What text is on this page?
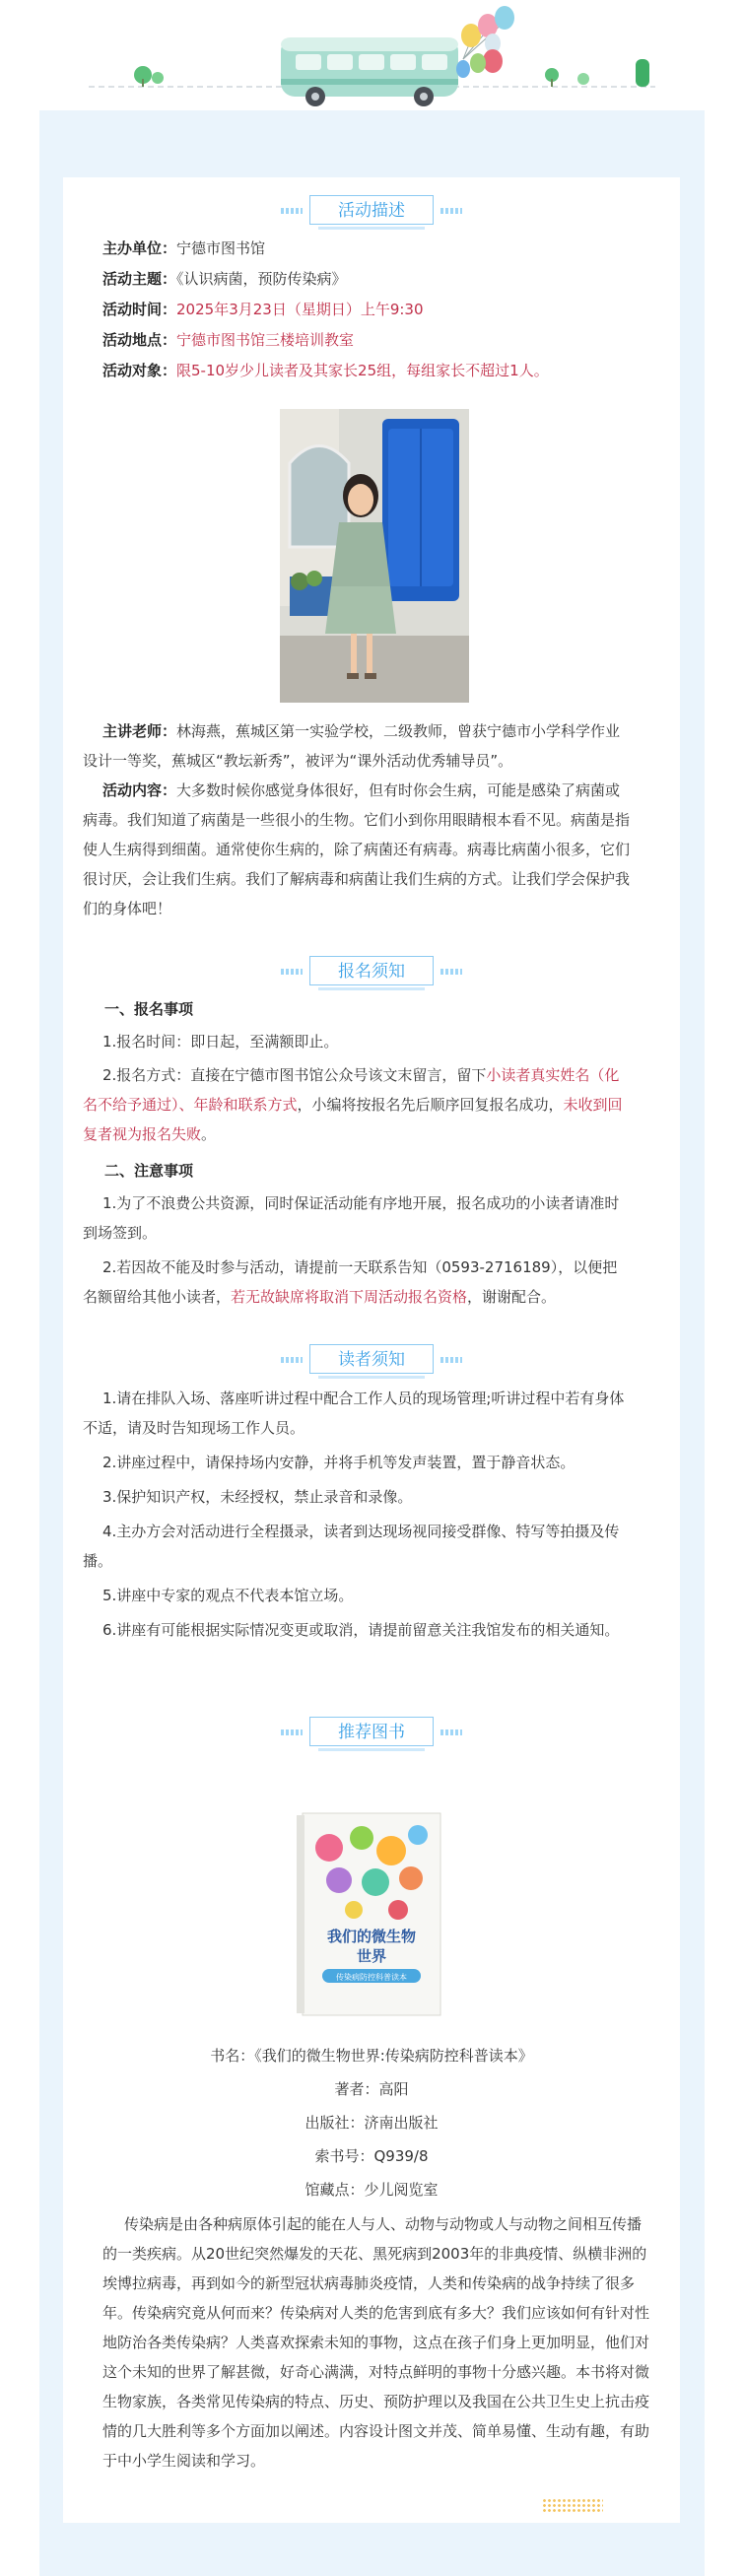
活动描述
主办单位：宁德市图书馆
活动主题：《认识病菌，预防传染病》
活动时间：2025年3月23日（星期日）上午9:30
活动地点：宁德市图书馆三楼培训教室
活动对象：限5-10岁少儿读者及其家长25组，每组家长不超过1人。
主讲老师：林海燕，蕉城区第一实验学校，二级教师，曾获宁德市小学科学作业
设计一等奖，蕉城区“教坛新秀”，被评为“课外活动优秀辅导员”。
活动内容：大多数时候你感觉身体很好，但有时你会生病，可能是感染了病菌或
病毒。我们知道了病菌是一些很小的生物。它们小到你用眼睛根本看不见。病菌是指
使人生病得到细菌。通常使你生病的，除了病菌还有病毒。病毒比病菌小很多，它们
很讨厌，会让我们生病。我们了解病毒和病菌让我们生病的方式。让我们学会保护我
们的身体吧！
报名须知
一、报名事项
1.报名时间：即日起，至满额即止。
2.报名方式：直接在宁德市图书馆公众号该文末留言，留下小读者真实姓名（化
名不给予通过）、年龄和联系方式，小编将按报名先后顺序回复报名成功，未收到回
复者视为报名失败。
二、注意事项
1.为了不浪费公共资源，同时保证活动能有序地开展，报名成功的小读者请准时
到场签到。
2.若因故不能及时参与活动，请提前一天联系告知（0593-2716189），以便把
名额留给其他小读者，若无故缺席将取消下周活动报名资格，谢谢配合。
读者须知
1.请在排队入场、落座听讲过程中配合工作人员的现场管理;听讲过程中若有身体
不适，请及时告知现场工作人员。
2.讲座过程中，请保持场内安静，并将手机等发声装置，置于静音状态。
3.保护知识产权，未经授权，禁止录音和录像。
4.主办方会对活动进行全程摄录，读者到达现场视同接受群像、特写等拍摄及传
播。
5.讲座中专家的观点不代表本馆立场。
6.讲座有可能根据实际情况变更或取消，请提前留意关注我馆发布的相关通知。
推荐图书
我们的微生物
世界
传染病防控科普读本
书名：《我们的微生物世界:传染病防控科普读本》
著者：高阳
出版社：济南出版社
索书号：Q939/8
馆藏点：少儿阅览室
传染病是由各种病原体引起的能在人与人、动物与动物或人与动物之间相互传播
的一类疾病。从20世纪突然爆发的天花、黑死病到2003年的非典疫情、纵横非洲的
埃博拉病毒，再到如今的新型冠状病毒肺炎疫情，人类和传染病的战争持续了很多
年。传染病究竟从何而来？传染病对人类的危害到底有多大？我们应该如何有针对性
地防治各类传染病？人类喜欢探索未知的事物，这点在孩子们身上更加明显，他们对
这个未知的世界了解甚微，好奇心满满，对特点鲜明的事物十分感兴趣。本书将对微
生物家族，各类常见传染病的特点、历史、预防护理以及我国在公共卫生史上抗击疫
情的几大胜利等多个方面加以阐述。内容设计图文并茂、简单易懂、生动有趣，有助
于中小学生阅读和学习。
